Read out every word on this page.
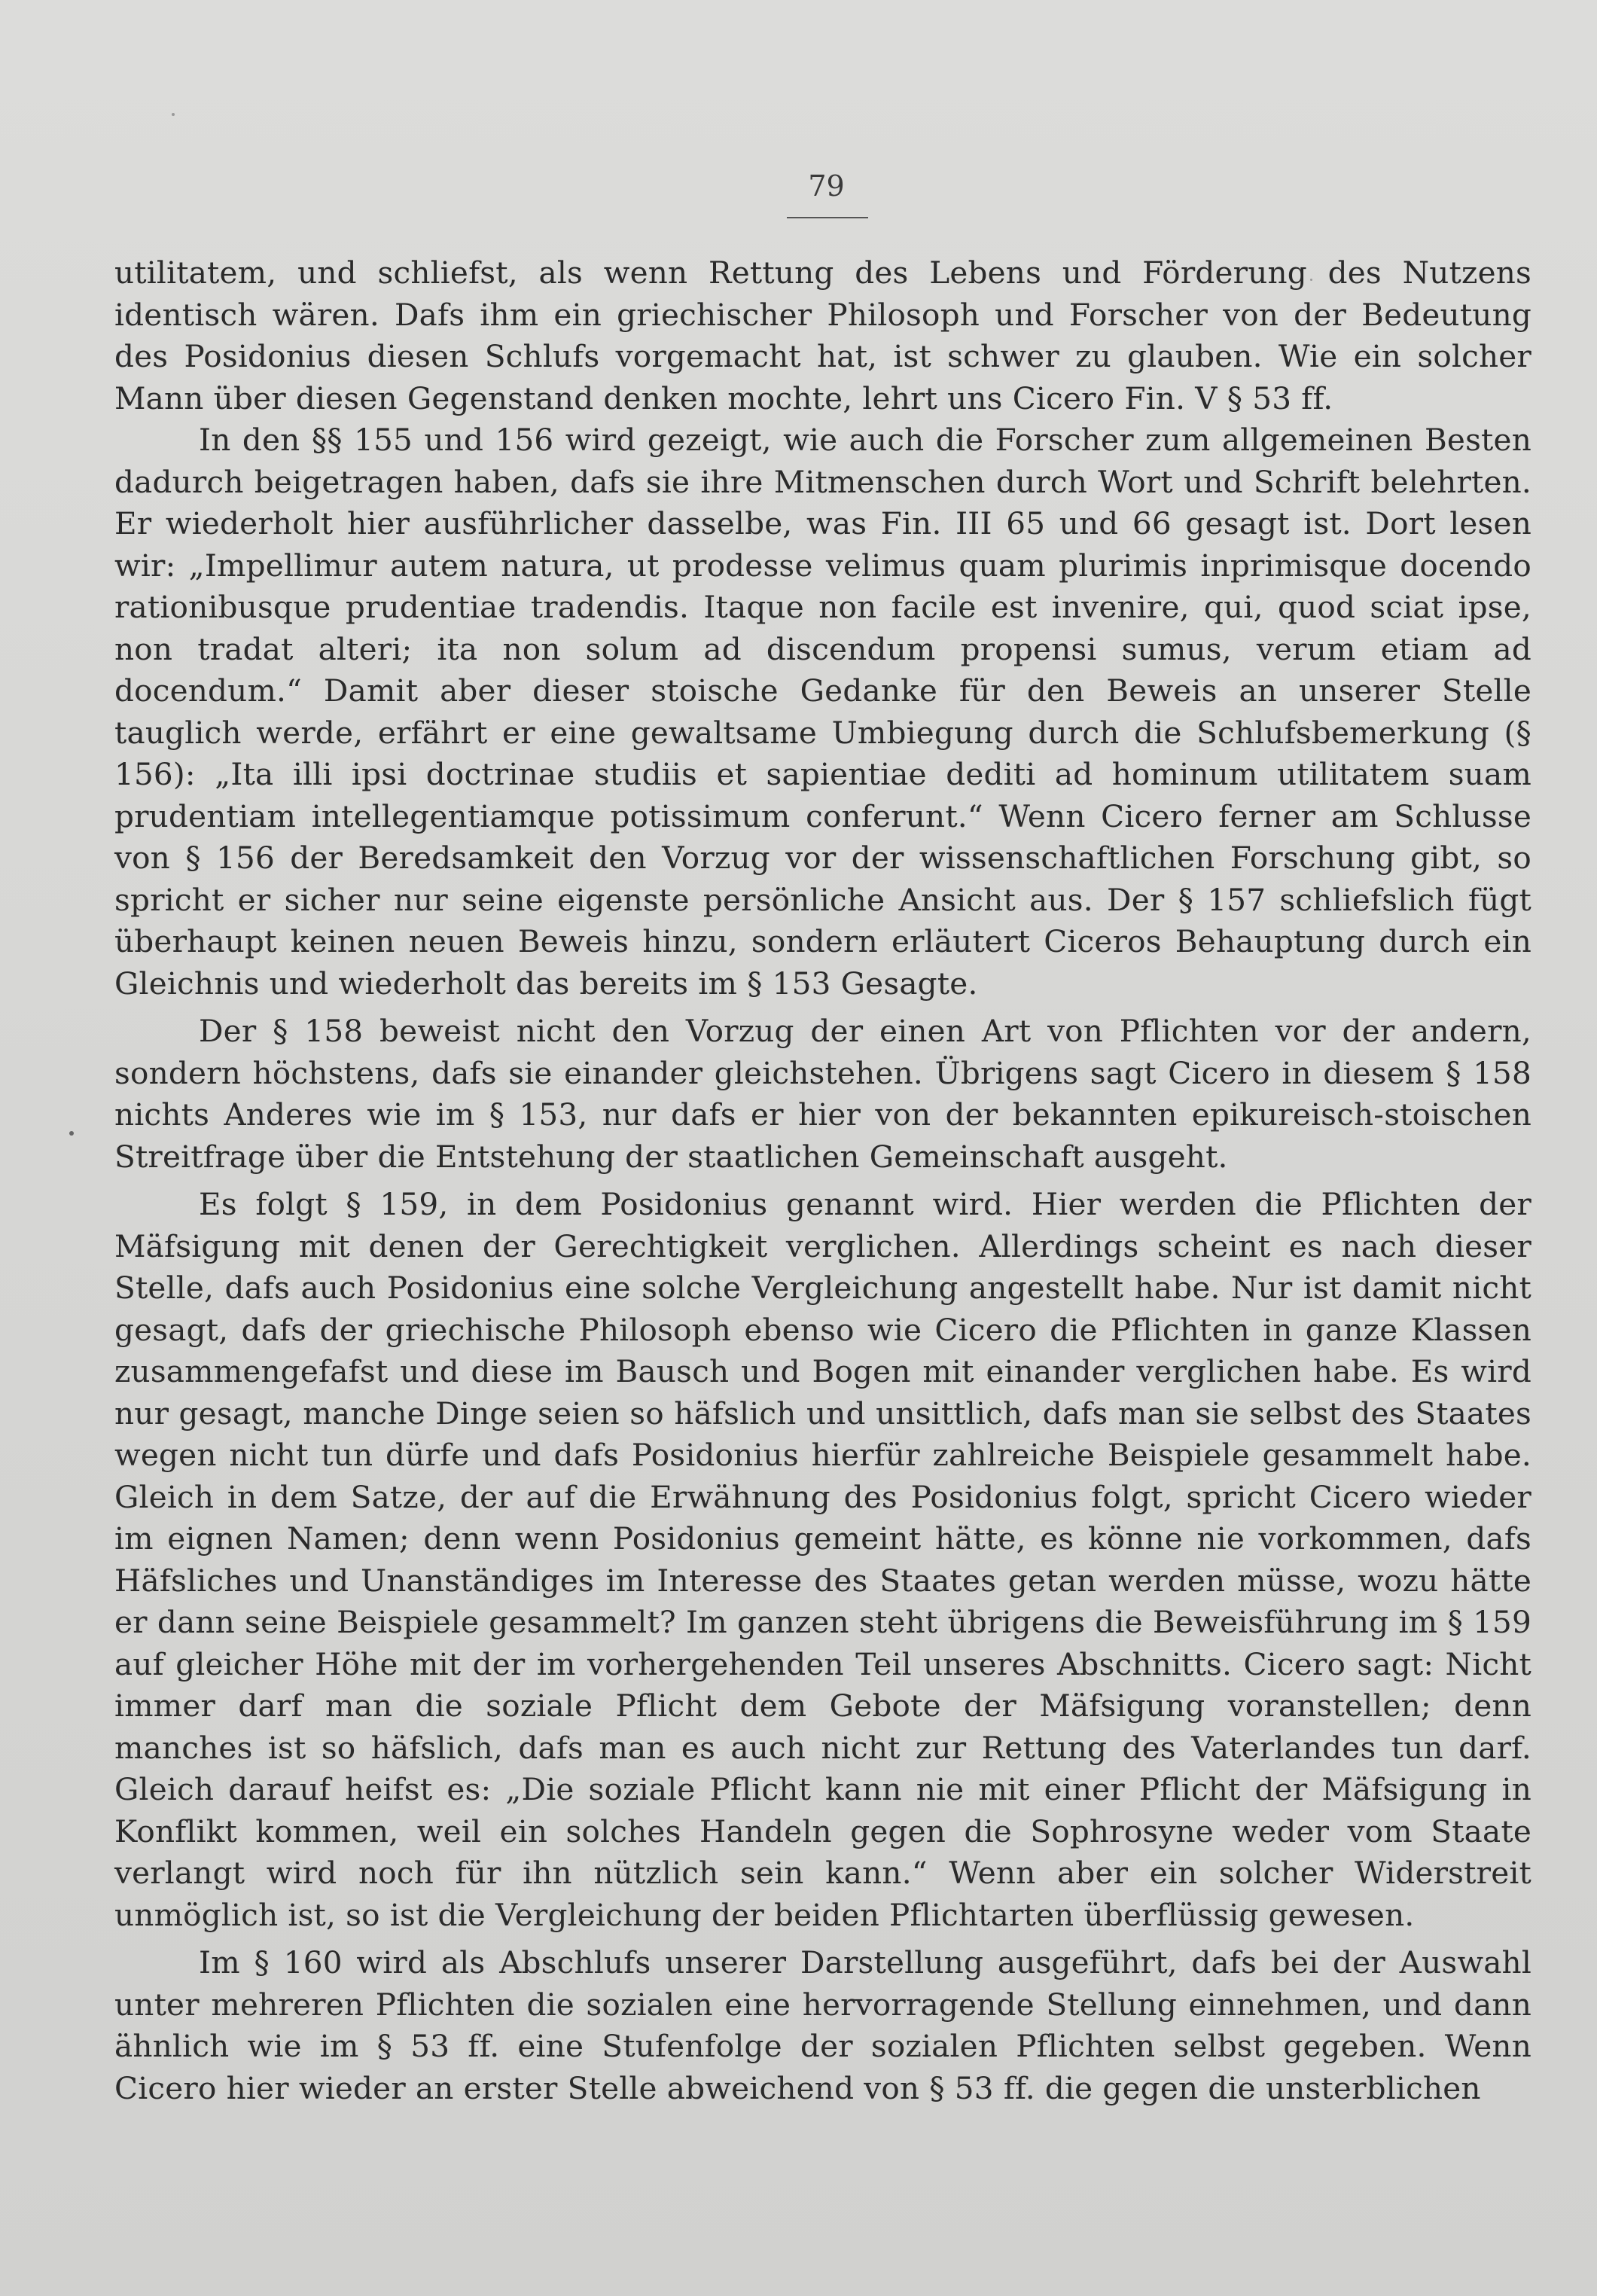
79

utilitatem, und schliefst, als wenn Rettung des Lebens und Förderung des Nutzens identisch wären. Dafs ihm ein griechischer Philosoph und Forscher von der Bedeutung des Posidonius diesen Schlufs vorgemacht hat, ist schwer zu glauben. Wie ein solcher Mann über diesen Gegenstand denken mochte, lehrt uns Cicero Fin. V § 53 ff.

In den §§ 155 und 156 wird gezeigt, wie auch die Forscher zum allgemeinen Besten dadurch beigetragen haben, dafs sie ihre Mitmenschen durch Wort und Schrift belehrten. Er wiederholt hier ausführlicher dasselbe, was Fin. III 65 und 66 gesagt ist. Dort lesen wir: „Impellimur autem natura, ut prodesse velimus quam plurimis inprimisque docendo rationibusque prudentiae tradendis. Itaque non facile est invenire, qui, quod sciat ipse, non tradat alteri; ita non solum ad discendum propensi sumus, verum etiam ad docendum.“ Damit aber dieser stoische Gedanke für den Beweis an unserer Stelle tauglich werde, erfährt er eine gewaltsame Umbiegung durch die Schlufsbemerkung (§ 156): „Ita illi ipsi doctrinae studiis et sapientiae dediti ad hominum utilitatem suam prudentiam intellegentiamque potissimum conferunt.“ Wenn Cicero ferner am Schlusse von § 156 der Beredsamkeit den Vorzug vor der wissenschaftlichen Forschung gibt, so spricht er sicher nur seine eigenste persönliche Ansicht aus. Der § 157 schliefslich fügt überhaupt keinen neuen Beweis hinzu, sondern erläutert Ciceros Behauptung durch ein Gleichnis und wiederholt das bereits im § 153 Gesagte.

Der § 158 beweist nicht den Vorzug der einen Art von Pflichten vor der andern, sondern höchstens, dafs sie einander gleichstehen. Übrigens sagt Cicero in diesem § 158 nichts Anderes wie im § 153, nur dafs er hier von der bekannten epikureisch-stoischen Streitfrage über die Entstehung der staatlichen Gemeinschaft ausgeht.

Es folgt § 159, in dem Posidonius genannt wird. Hier werden die Pflichten der Mäfsigung mit denen der Gerechtigkeit verglichen. Allerdings scheint es nach dieser Stelle, dafs auch Posidonius eine solche Vergleichung angestellt habe. Nur ist damit nicht gesagt, dafs der griechische Philosoph ebenso wie Cicero die Pflichten in ganze Klassen zusammengefafst und diese im Bausch und Bogen mit einander verglichen habe. Es wird nur gesagt, manche Dinge seien so häfslich und unsittlich, dafs man sie selbst des Staates wegen nicht tun dürfe und dafs Posidonius hierfür zahlreiche Beispiele gesammelt habe. Gleich in dem Satze, der auf die Erwähnung des Posidonius folgt, spricht Cicero wieder im eignen Namen; denn wenn Posidonius gemeint hätte, es könne nie vorkommen, dafs Häfsliches und Unanständiges im Interesse des Staates getan werden müsse, wozu hätte er dann seine Beispiele gesammelt? Im ganzen steht übrigens die Beweisführung im § 159 auf gleicher Höhe mit der im vorhergehenden Teil unseres Abschnitts. Cicero sagt: Nicht immer darf man die soziale Pflicht dem Gebote der Mäfsigung voranstellen; denn manches ist so häfslich, dafs man es auch nicht zur Rettung des Vaterlandes tun darf. Gleich darauf heifst es: „Die soziale Pflicht kann nie mit einer Pflicht der Mäfsigung in Konflikt kommen, weil ein solches Handeln gegen die Sophrosyne weder vom Staate verlangt wird noch für ihn nützlich sein kann.“ Wenn aber ein solcher Widerstreit unmöglich ist, so ist die Vergleichung der beiden Pflichtarten überflüssig gewesen.

Im § 160 wird als Abschlufs unserer Darstellung ausgeführt, dafs bei der Auswahl unter mehreren Pflichten die sozialen eine hervorragende Stellung einnehmen, und dann ähnlich wie im § 53 ff. eine Stufenfolge der sozialen Pflichten selbst gegeben. Wenn Cicero hier wieder an erster Stelle abweichend von § 53 ff. die gegen die unsterblichen
